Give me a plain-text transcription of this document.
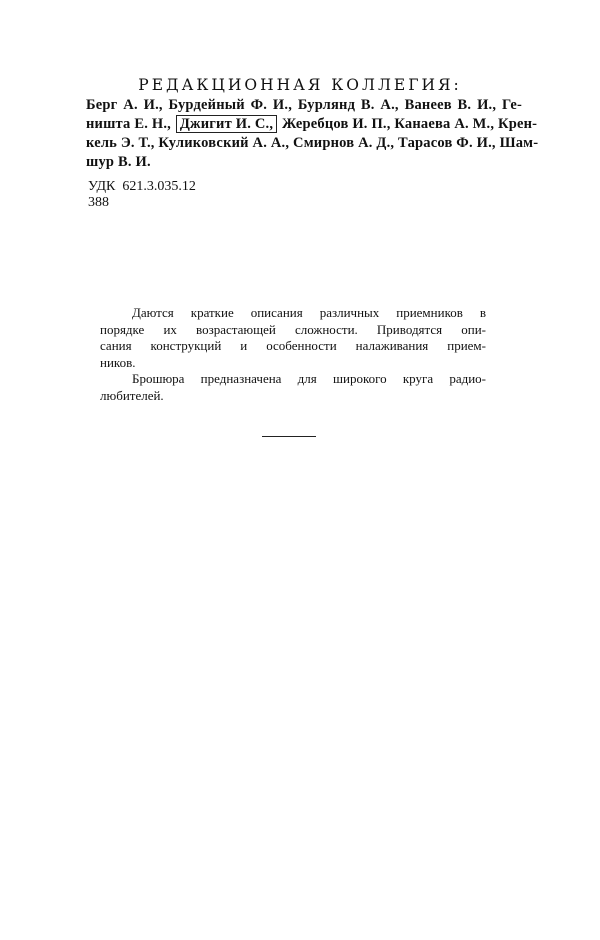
РЕДАКЦИОННАЯ КОЛЛЕГИЯ:
Берг А. И., Бурдейный Ф. И., Бурлянд В. А., Ванеев В. И., Ге-
ништа Е. Н., Джигит И. С., Жеребцов И. П., Канаева А. М., Крен-
кель Э. Т., Куликовский А. А., Смирнов А. Д., Тарасов Ф. И., Шам-
шур В. И.
УДК 621.3.035.12
388
Даются краткие описания различных приемников в
порядке их возрастающей сложности. Приводятся опи-
сания конструкций и особенности налаживания прием-
ников.
Брошюра предназначена для широкого круга радио-
любителей.
